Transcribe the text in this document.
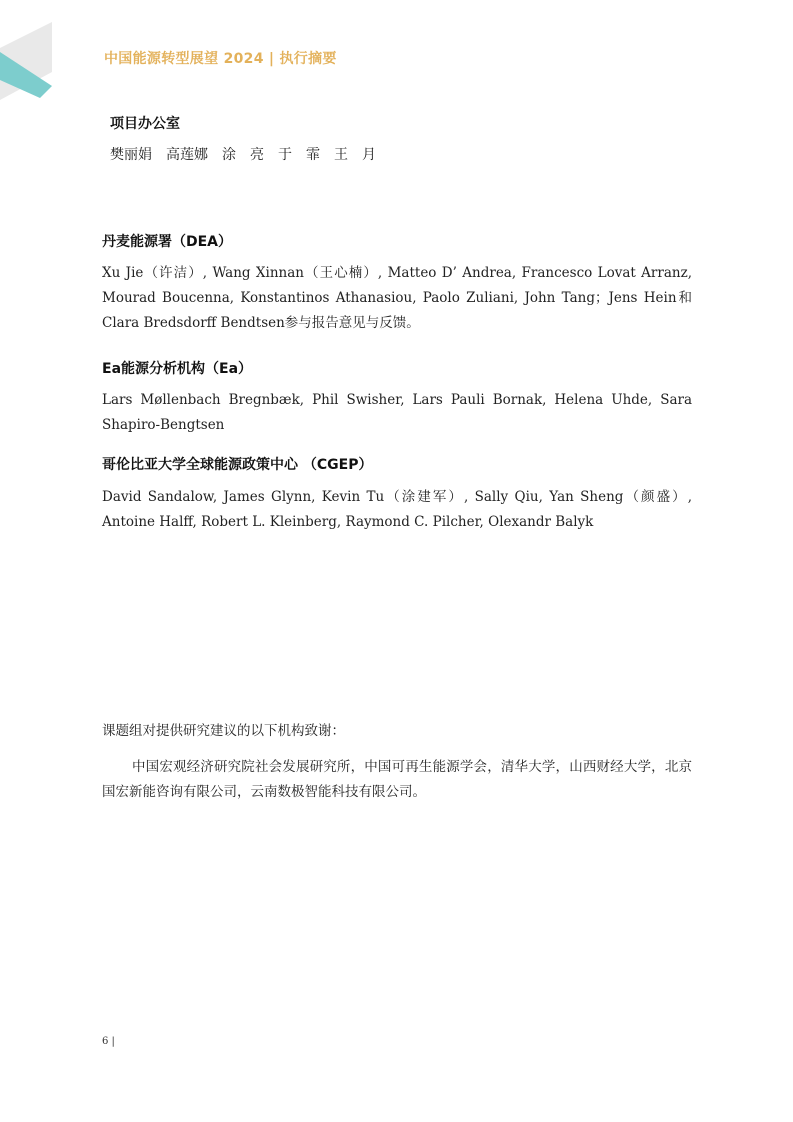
中国能源转型展望 2024 | 执行摘要
项目办公室
樊丽娟　高莲娜　涂　亮　于　霏　王　月
丹麦能源署（DEA）
Xu Jie（许洁）, Wang Xinnan（王心楠）, Matteo D’ Andrea, Francesco Lovat Arranz, Mourad Boucenna, Konstantinos Athanasiou, Paolo Zuliani, John Tang；Jens Hein和Clara Bredsdorff Bendtsen参与报告意见与反馈。
Ea能源分析机构（Ea）
Lars Møllenbach Bregnbæk, Phil Swisher, Lars Pauli Bornak, Helena Uhde, Sara Shapiro-Bengtsen
哥伦比亚大学全球能源政策中心 （CGEP）
David Sandalow, James Glynn, Kevin Tu（涂建军）, Sally Qiu, Yan Sheng（颜盛）, Antoine Halff, Robert L. Kleinberg, Raymond C. Pilcher, Olexandr Balyk
课题组对提供研究建议的以下机构致谢：
中国宏观经济研究院社会发展研究所，中国可再生能源学会，清华大学，山西财经大学，北京国宏新能咨询有限公司，云南数极智能科技有限公司。
6 |
